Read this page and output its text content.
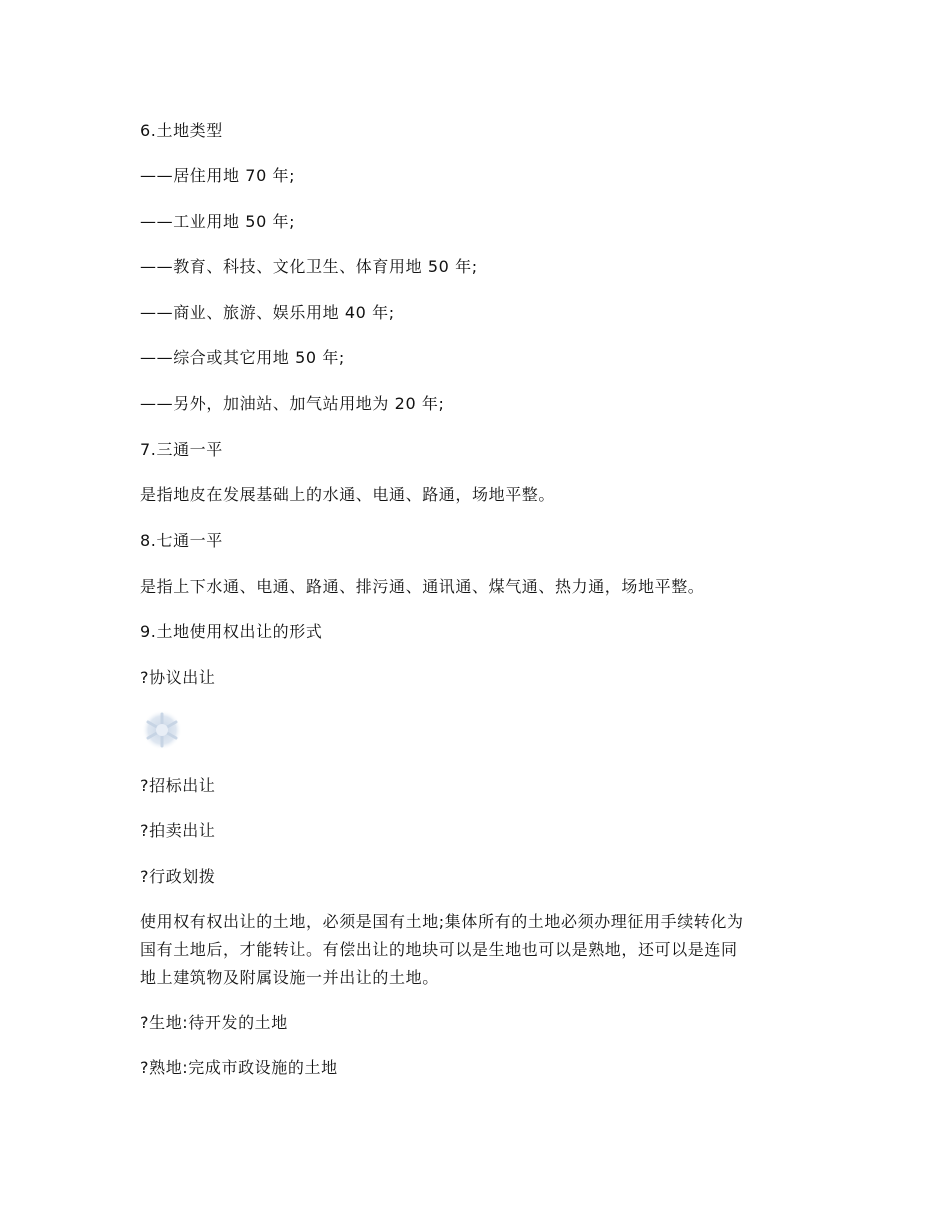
6.土地类型
——居住用地 70 年;
——工业用地 50 年;
——教育、科技、文化卫生、体育用地 50 年;
——商业、旅游、娱乐用地 40 年;
——综合或其它用地 50 年;
——另外，加油站、加气站用地为 20 年;
7.三通一平
是指地皮在发展基础上的水通、电通、路通，场地平整。
8.七通一平
是指上下水通、电通、路通、排污通、通讯通、煤气通、热力通，场地平整。
9.土地使用权出让的形式
?协议出让
?招标出让
?拍卖出让
?行政划拨
使用权有权出让的土地，必须是国有土地;集体所有的土地必须办理征用手续转化为
国有土地后，才能转让。有偿出让的地块可以是生地也可以是熟地，还可以是连同
地上建筑物及附属设施一并出让的土地。
?生地:待开发的土地
?熟地:完成市政设施的土地
